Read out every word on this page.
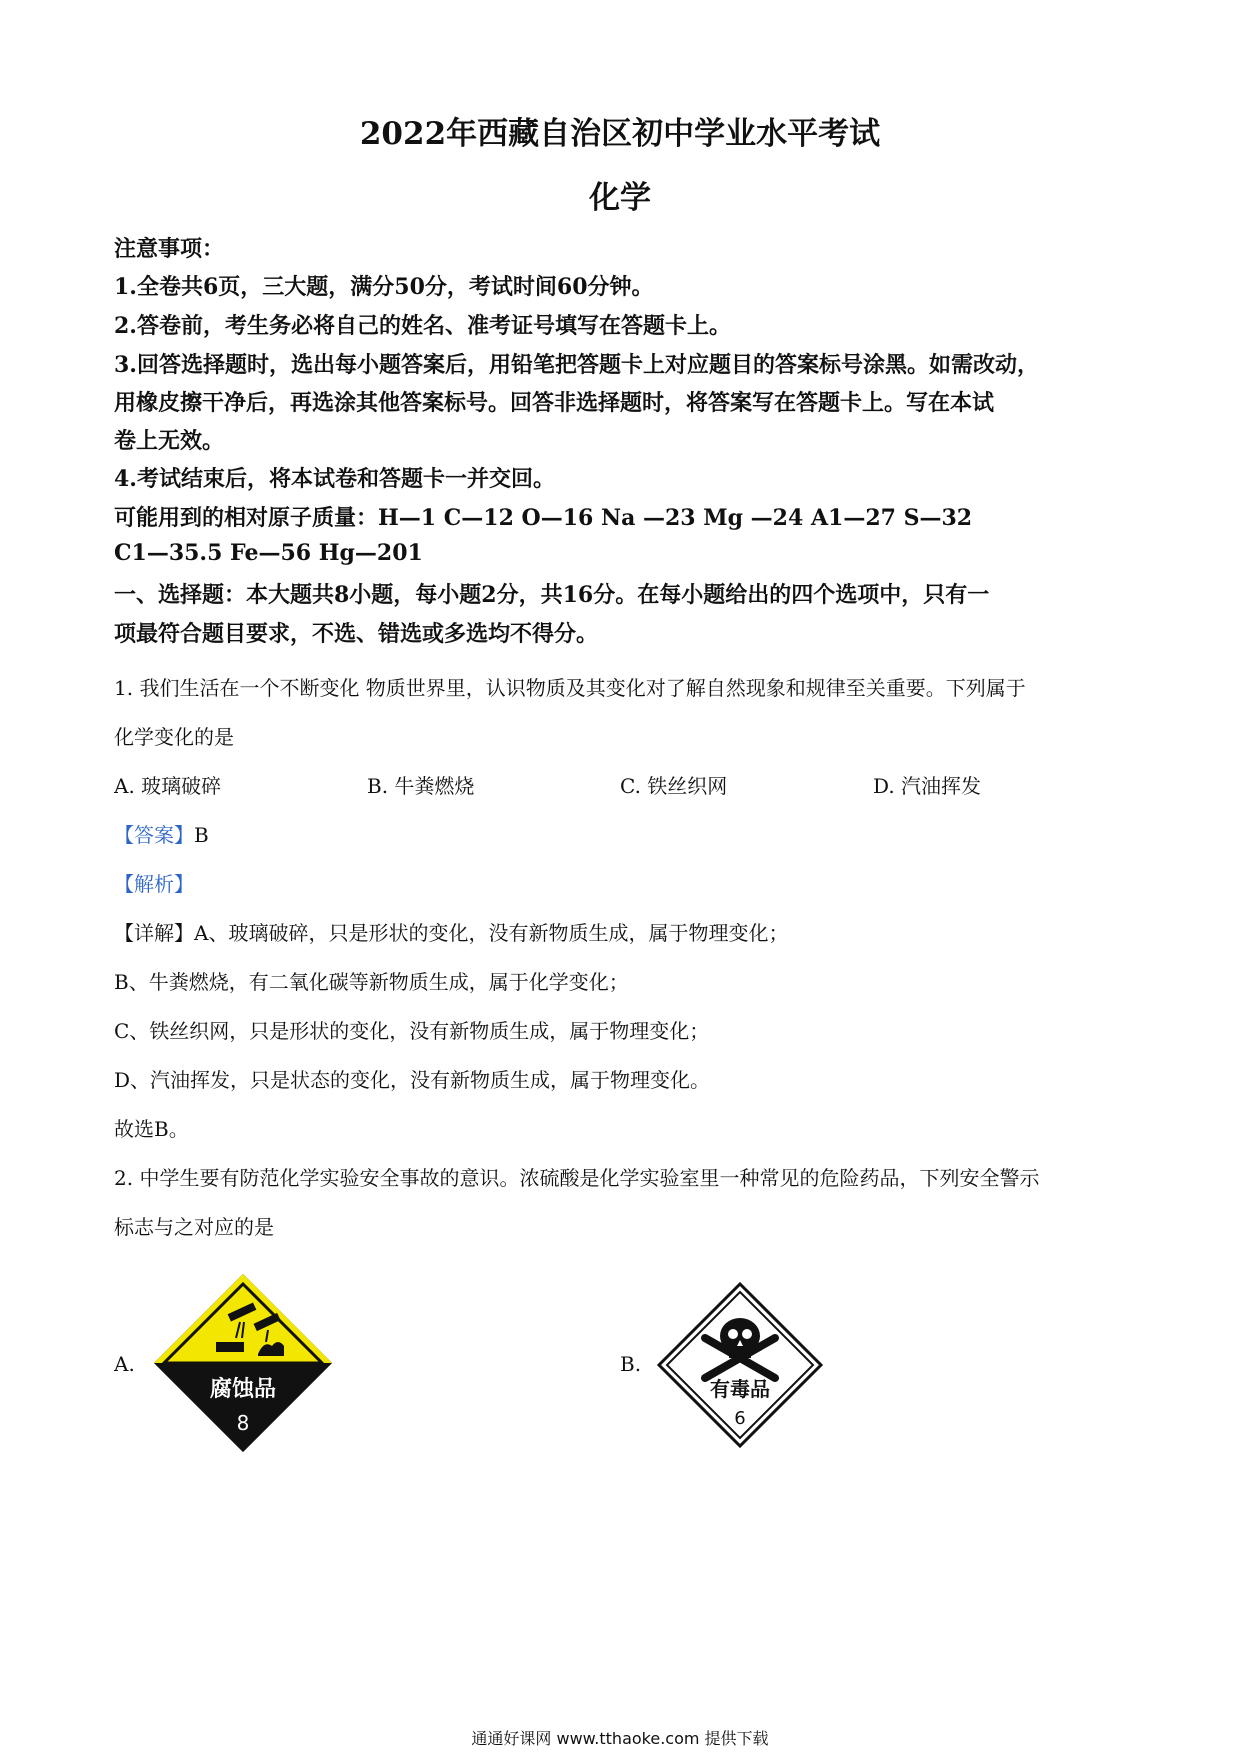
2022年西藏自治区初中学业水平考试
化学
注意事项：
1.全卷共6页，三大题，满分50分，考试时间60分钟。
2.答卷前，考生务必将自己的姓名、准考证号填写在答题卡上。
3.回答选择题时，选出每小题答案后，用铅笔把答题卡上对应题目的答案标号涂黑。如需改动，
用橡皮擦干净后，再选涂其他答案标号。回答非选择题时，将答案写在答题卡上。写在本试
卷上无效。
4.考试结束后，将本试卷和答题卡一并交回。
可能用到的相对原子质量：H—1 C—12 O—16 Na —23 Mg —24 A1—27 S—32
C1—35.5 Fe—56 Hg—201
一、选择题：本大题共8小题，每小题2分，共16分。在每小题给出的四个选项中，只有一
项最符合题目要求，不选、错选或多选均不得分。
1. 我们生活在一个不断变化 物质世界里，认识物质及其变化对了解自然现象和规律至关重要。下列属于
化学变化的是
A. 玻璃破碎	B. 牛粪燃烧	C. 铁丝织网	D. 汽油挥发
【答案】B
【解析】
【详解】A、玻璃破碎，只是形状的变化，没有新物质生成，属于物理变化；
B、牛粪燃烧，有二氧化碳等新物质生成，属于化学变化；
C、铁丝织网，只是形状的变化，没有新物质生成，属于物理变化；
D、汽油挥发，只是状态的变化，没有新物质生成，属于物理变化。
故选B。
2. 中学生要有防范化学实验安全事故的意识。浓硫酸是化学实验室里一种常见的危险药品，下列安全警示
标志与之对应的是
A.
腐蚀品
8
B.
有毒品
6
通通好课网 www.tthaoke.com 提供下载
